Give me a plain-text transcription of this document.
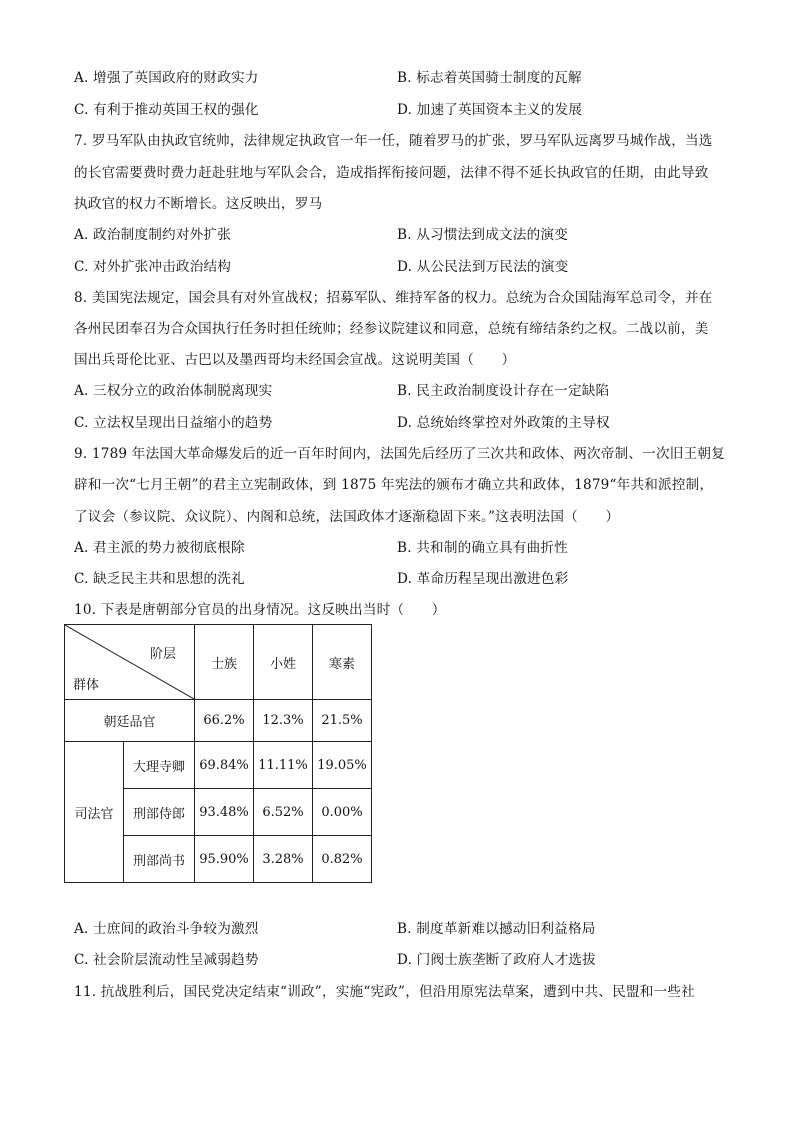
A. 增强了英国政府的财政实力	B. 标志着英国骑士制度的瓦解
C. 有利于推动英国王权的强化	D. 加速了英国资本主义的发展
7. 罗马军队由执政官统帅，法律规定执政官一年一任，随着罗马的扩张，罗马军队远离罗马城作战，当选
的长官需要费时费力赶赴驻地与军队会合，造成指挥衔接问题，法律不得不延长执政官的任期，由此导致
执政官的权力不断增长。这反映出，罗马
A. 政治制度制约对外扩张	B. 从习惯法到成文法的演变
C. 对外扩张冲击政治结构	D. 从公民法到万民法的演变
8. 美国宪法规定，国会具有对外宣战权；招募军队、维持军备的权力。总统为合众国陆海军总司令，并在
各州民团奉召为合众国执行任务时担任统帅；经参议院建议和同意，总统有缔结条约之权。二战以前，美
国出兵哥伦比亚、古巴以及墨西哥均未经国会宣战。这说明美国（　　）
A. 三权分立的政治体制脱离现实	B. 民主政治制度设计存在一定缺陷
C. 立法权呈现出日益缩小的趋势	D. 总统始终掌控对外政策的主导权
9. 1789 年法国大革命爆发后的近一百年时间内，法国先后经历了三次共和政体、两次帝制、一次旧王朝复
辟和一次“七月王朝”的君主立宪制政体，到 1875 年宪法的颁布才确立共和政体，1879“年共和派控制，
了议会（参议院、众议院）、内阁和总统，法国政体才逐渐稳固下来。”这表明法国（　　）
A. 君主派的势力被彻底根除	B. 共和制的确立具有曲折性
C. 缺乏民主共和思想的洗礼	D. 革命历程呈现出激进色彩
10. 下表是唐朝部分官员的出身情况。这反映出当时（　　）
阶层
群体		士族	小姓	寒素
朝廷品官		66.2%	12.3%	21.5%
司法官	大理寺卿	69.84%	11.11%	19.05%
	刑部侍郎	93.48%	6.52%	0.00%
	刑部尚书	95.90%	3.28%	0.82%
A. 士庶间的政治斗争较为激烈	B. 制度革新难以撼动旧利益格局
C. 社会阶层流动性呈减弱趋势	D. 门阀士族垄断了政府人才选拔
11. 抗战胜利后，国民党决定结束“训政”，实施“宪政”，但沿用原宪法草案，遭到中共、民盟和一些社
